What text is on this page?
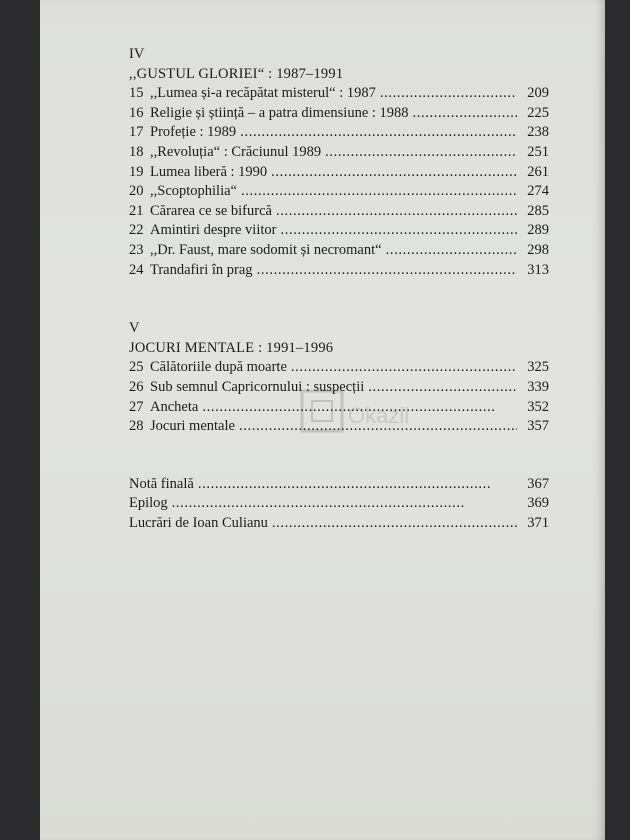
Okazii
IV
,,GUSTUL GLORIEI“ : 1987–1991
15 ,,Lumea și-a recăpătat misterul“ : 1987 . . .	209
16 Religie și știință – a patra dimensiune : 1988 . . .	225
17 Profeție : 1989 . . .	238
18 ,,Revoluția“ : Crăciunul 1989 . . .	251
19 Lumea liberă : 1990 . . .	261
20 ,,Scoptophilia“ . . .	274
21 Cărarea ce se bifurcă . . .	285
22 Amintiri despre viitor . . .	289
23 ,,Dr. Faust, mare sodomit și necromant“ . . .	298
24 Trandafiri în prag . . .	313
V
JOCURI MENTALE : 1991–1996
25 Călătoriile după moarte . . .	325
26 Sub semnul Capricornului : suspecții . . .	339
27 Ancheta . . .	352
28 Jocuri mentale . . .	357
Notă finală . . .	367
Epilog . . .	369
Lucrări de Ioan Culianu . . .	371
